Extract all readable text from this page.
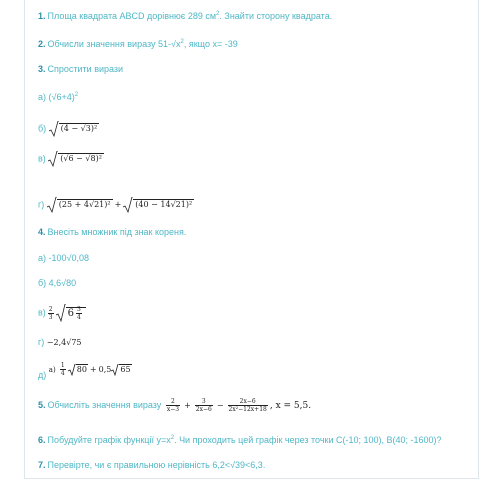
1. Площа квадрата ABCD дорівнює 289 $см^2$. Знайти сторону квадрата.
2. Обчисли значення виразу $51-√x^2$, якщо х= -39
3. Спростити вирази
а) $(√6+4)^2$
б) (4 − √3)²
в) (√6 − √8)²
г) (25 + 4√21)² + (40 − 14√21)²
4. Внесіть множник під знак кореня.
а) -100√0,08
б) 4,6√80
$в) \frac{2}{3} 6 \frac{3}{4}$
г) −2,4√75
д) $а) \frac{1}{4} 80 + 0,5$ 65
5. Обчисліть значення виразу $\frac{2}{x-3} + \frac{3}{2x-6} - \frac{2x-6}{\text{2x²−12x+18}}$ , x = 5,5.
6. Побудуйте графік функції $у=х^2$. Чи проходить цей графік через точки C(-10; 100), B(40; -1600)?
7. Перевірте, чи є правильною нерівність 6,2<√39<6,3.
